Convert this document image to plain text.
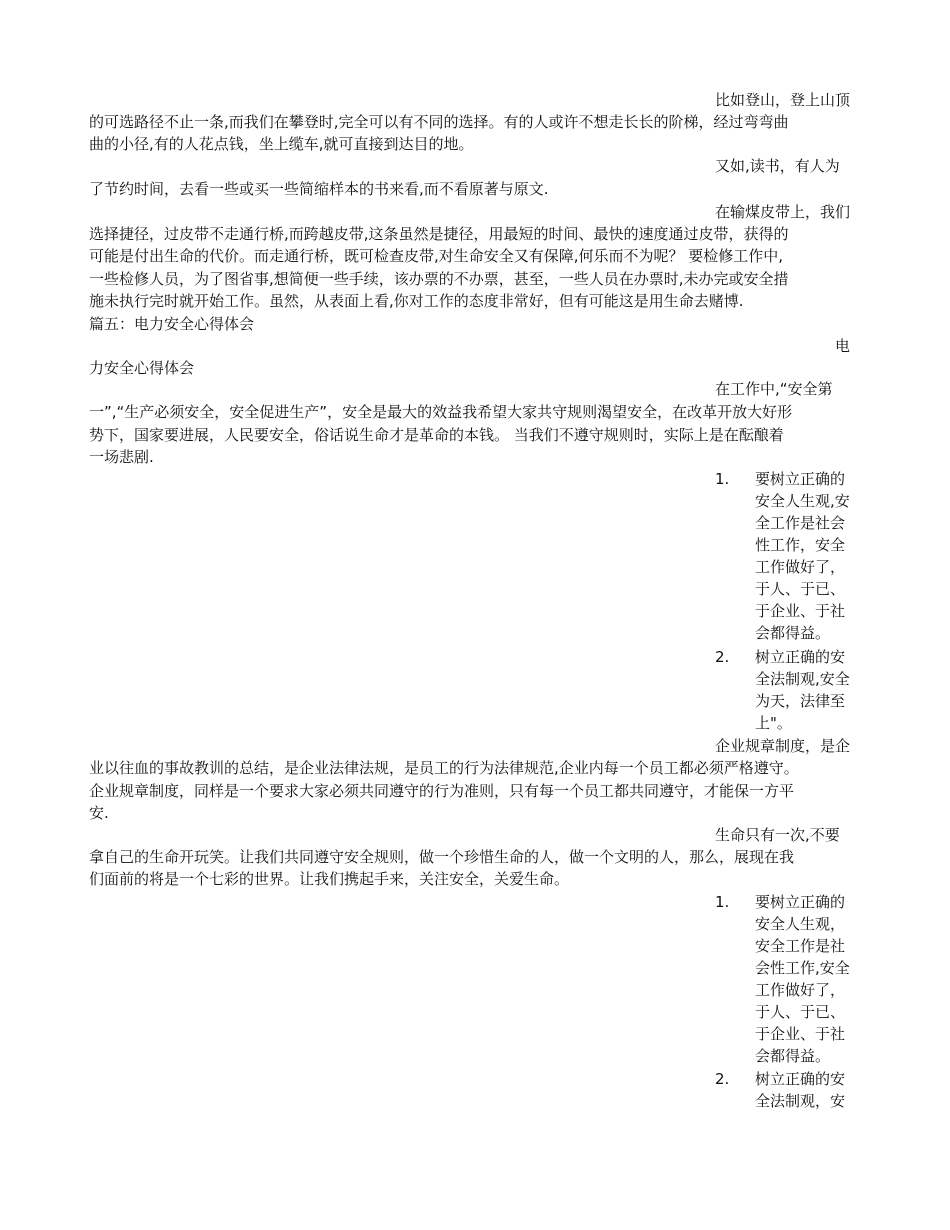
比如登山，登上山顶
的可选路径不止一条,而我们在攀登时,完全可以有不同的选择。有的人或许不想走长长的阶梯，经过弯弯曲
曲的小径,有的人花点钱，坐上缆车,就可直接到达目的地。
又如,读书，有人为
了节约时间，去看一些或买一些简缩样本的书来看,而不看原著与原文.
在输煤皮带上，我们
选择捷径，过皮带不走通行桥,而跨越皮带,这条虽然是捷径，用最短的时间、最快的速度通过皮带，获得的
可能是付出生命的代价。而走通行桥，既可检查皮带,对生命安全又有保障,何乐而不为呢？ 要检修工作中,
一些检修人员，为了图省事,想简便一些手续，该办票的不办票，甚至，一些人员在办票时,未办完或安全措
施未执行完时就开始工作。虽然，从表面上看,你对工作的态度非常好，但有可能这是用生命去赌博.
篇五：电力安全心得体会
电
力安全心得体会
在工作中,“安全第
一”,“生产必须安全，安全促进生产”，安全是最大的效益我希望大家共守规则渴望安全，在改革开放大好形
势下，国家要进展，人民要安全，俗话说生命才是革命的本钱。 当我们不遵守规则时，实际上是在酝酿着
一场悲剧.
1.	要树立正确的
安全人生观,安
全工作是社会
性工作，安全
工作做好了，
于人、于已、
于企业、于社
会都得益。
2.	树立正确的安
全法制观,安全
为天，法律至
上"。
企业规章制度，是企
业以往血的事故教训的总结，是企业法律法规，是员工的行为法律规范,企业内每一个员工都必须严格遵守。
企业规章制度，同样是一个要求大家必须共同遵守的行为准则，只有每一个员工都共同遵守，才能保一方平
安.
生命只有一次,不要
拿自己的生命开玩笑。让我们共同遵守安全规则，做一个珍惜生命的人，做一个文明的人，那么，展现在我
们面前的将是一个七彩的世界。让我们携起手来，关注安全，关爱生命。
1.	要树立正确的
安全人生观，
安全工作是社
会性工作,安全
工作做好了，
于人、于已、
于企业、于社
会都得益。
2.	树立正确的安
全法制观，安
